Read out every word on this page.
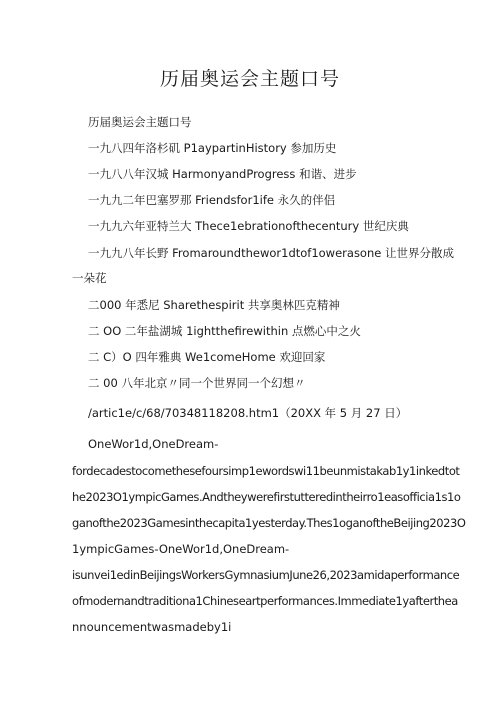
历届奥运会主题口号
历届奥运会主题口号
一九八四年洛杉矶 P1aypartinHistory 参加历史
一九八八年汉城 HarmonyandProgress 和谐、进步
一九九二年巴塞罗那 Friendsfor1ife 永久的伴侣
一九九六年亚特兰大 Thece1ebrationofthecentury 世纪庆典
一九九八年长野 Fromaroundthewor1dtof1owerasone 让世界分散成
一朵花
二000 年悉尼 Sharethespirit 共享奥林匹克精神
二 OO 二年盐湖城 1ightthefirewithin 点燃心中之火
二 C）O 四年雅典 We1comeHome 欢迎回家
二 00 八年北京〃同一个世界同一个幻想〃
/artic1e/c/68/70348118208.htm1（20XX 年 5 月 27 日）
OneWor1d,OneDream-
fordecadestocomethesefoursimp1ewordswi11beunmistakab1y1inkedtot
he2023O1ympicGames.Andtheywerefirstutteredintheirro1easofficia1s1o
ganofthe2023Gamesinthecapita1yesterday.Thes1oganoftheBeijing2023O
1ympicGames-OneWor1d,OneDream-
isunvei1edinBeijingsWorkersGymnasiumJune26,2023amidaperformance
ofmodernandtraditiona1Chineseartperformances.Immediate1yafterthea
nnouncementwasmadeby1i
